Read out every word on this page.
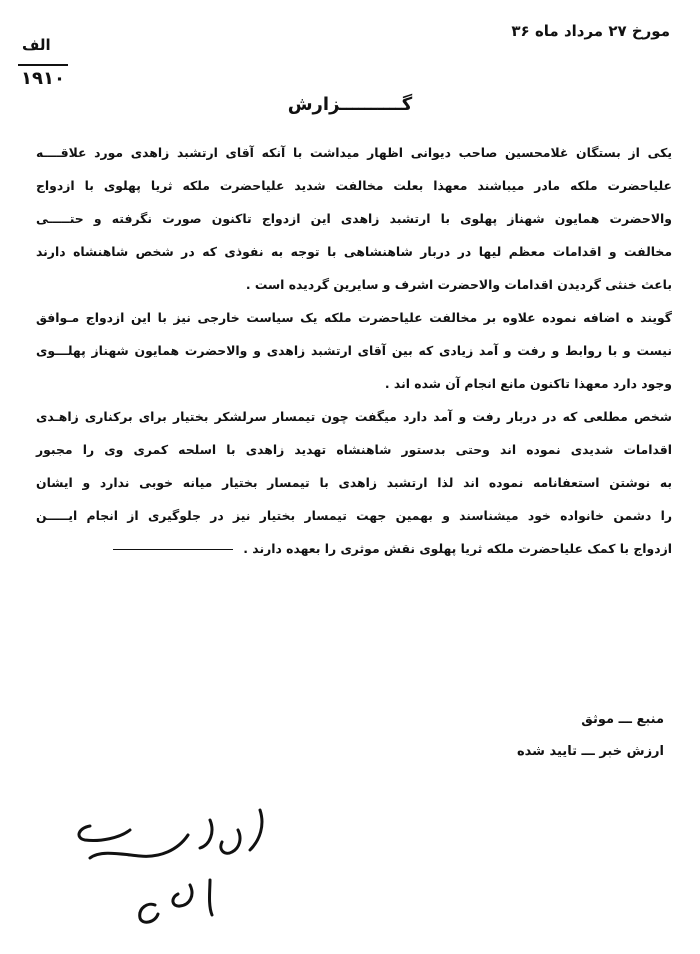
مورخ ۲۷ مرداد ماه ۳۶
الف
۱۹۱۰
گــــــــــزارش
یکی از بستگان غلامحسین صاحب دیوانی اظهار میداشت با آنکه آقای ارتشبد زاهدی مورد علاقــــه
علیاحضرت ملکه مادر میباشند معهذا بعلت مخالفت شدید علیاحضرت ملکه ثریا پهلوی با ازدواج
والاحضرت همایون شهناز پهلوی با ارتشبد زاهدی این ازدواج تاکنون صورت نگرفته و حتـــــی
مخالفت و اقدامات معظم لیها در دربار شاهنشاهی با توجه به نفوذی که در شخص شاهنشاه دارند
باعث خنثی گردیدن اقدامات والاحضرت اشرف و سایرین گردیده است .
گویند ه اضافه نموده علاوه بر مخالفت علیاحضرت ملکه یک سیاست خارجی نیز با این ازدواج مـوافق
نیست و با روابط و رفت و آمد زیادی که بین آقای ارتشبد زاهدی و والاحضرت همایون شهناز پهلـــوی
وجود دارد معهذا تاکنون مانع انجام آن شده اند .
شخص مطلعی که در دربار رفت و آمد دارد میگفت چون تیمسار سرلشکر بختیار برای برکناری زاهـدی
اقدامات شدیدی نموده اند وحتی بدستور شاهنشاه تهدید زاهدی با اسلحه کمری وی را مجبور
به نوشتن استعفانامه نموده اند لذا ارتشبد زاهدی با تیمسار بختیار میانه خوبی ندارد و ایشان
را دشمن خانواده خود میشناسند و بهمین جهت تیمسار بختیار نیز در جلوگیری از انجام ایـــــن
ازدواج با کمک علیاحضرت ملکه ثریا پهلوی نقش موثری را بعهده دارند .
منبع ـــ موثق
ارزش خبر ـــ تایید شده
